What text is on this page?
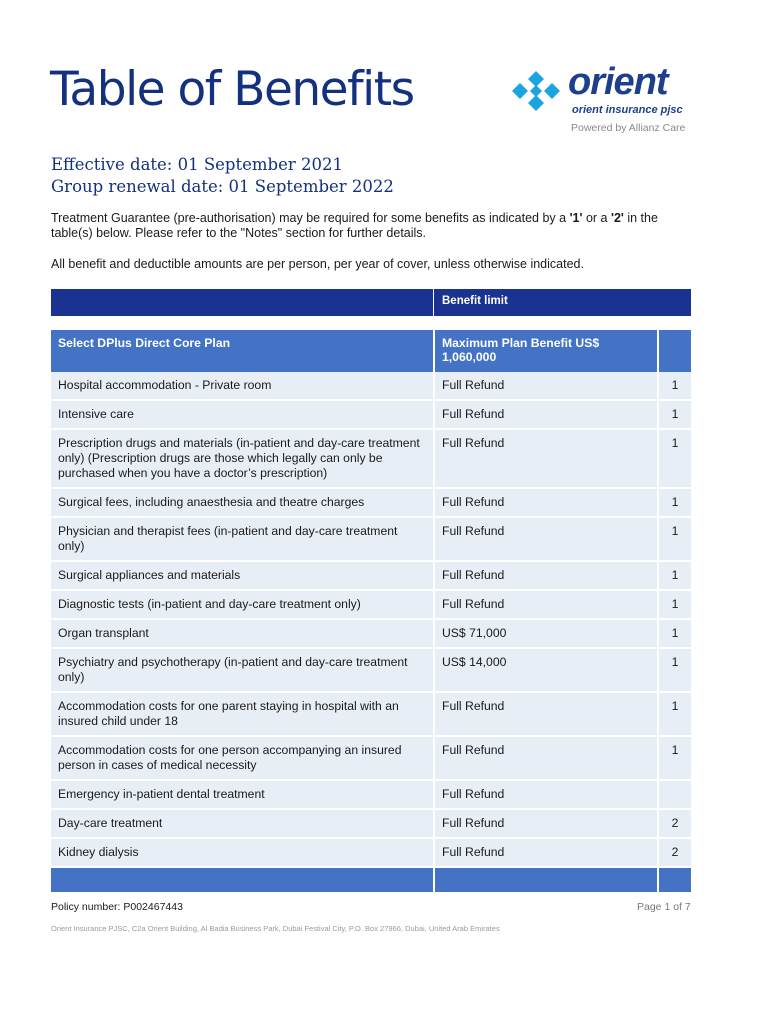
Table of Benefits	orient
orient insurance pjsc
Powered by Allianz Care
Effective date: 01 September 2021
Group renewal date: 01 September 2022

Treatment Guarantee (pre-authorisation) may be required for some benefits as indicated by a '1' or a '2' in the table(s) below. Please refer to the "Notes" section for further details.

All benefit and deductible amounts are per person, per year of cover, unless otherwise indicated.

Benefit limit
Select DPlus Direct Core Plan	Maximum Plan Benefit US$ 1,060,000	
Hospital accommodation - Private room	Full Refund	1
Intensive care	Full Refund	1
Prescription drugs and materials (in-patient and day-care treatment only) (Prescription drugs are those which legally can only be purchased when you have a doctor’s prescription)	Full Refund	1
Surgical fees, including anaesthesia and theatre charges	Full Refund	1
Physician and therapist fees (in-patient and day-care treatment only)	Full Refund	1
Surgical appliances and materials	Full Refund	1
Diagnostic tests (in-patient and day-care treatment only)	Full Refund	1
Organ transplant	US$ 71,000	1
Psychiatry and psychotherapy (in-patient and day-care treatment only)	US$ 14,000	1
Accommodation costs for one parent staying in hospital with an insured child under 18	Full Refund	1
Accommodation costs for one person accompanying an insured person in cases of medical necessity	Full Refund	1
Emergency in-patient dental treatment	Full Refund	
Day-care treatment	Full Refund	2
Kidney dialysis	Full Refund	2

Policy number: P002467443	Page 1 of 7
Orient Insurance PJSC, C2a Orient Building, Al Badia Business Park, Dubai Festival City, P.O. Box 27966, Dubai, United Arab Emirates
